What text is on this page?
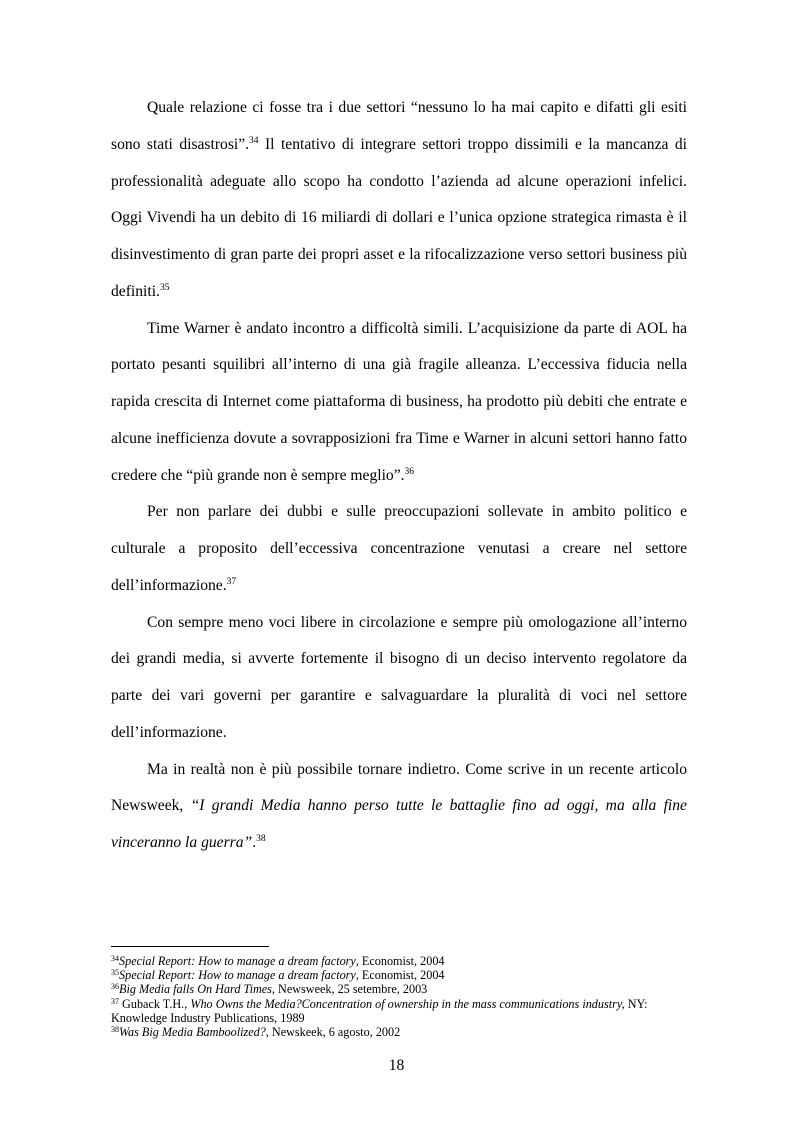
Quale relazione ci fosse tra i due settori “nessuno lo ha mai capito e difatti gli esiti sono stati disastrosi”.$^{34}$ Il tentativo di integrare settori troppo dissimili e la mancanza di professionalità adeguate allo scopo ha condotto l’azienda ad alcune operazioni infelici. Oggi Vivendi ha un debito di 16 miliardi di dollari e l’unica opzione strategica rimasta è il disinvestimento di gran parte dei propri asset e la rifocalizzazione verso settori business più definiti.$^{35}$

Time Warner è andato incontro a difficoltà simili. L’acquisizione da parte di AOL ha portato pesanti squilibri all’interno di una già fragile alleanza. L’eccessiva fiducia nella rapida crescita di Internet come piattaforma di business, ha prodotto più debiti che entrate e alcune inefficienza dovute a sovrapposizioni fra Time e Warner in alcuni settori hanno fatto credere che “più grande non è sempre meglio”.$^{36}$

Per non parlare dei dubbi e sulle preoccupazioni sollevate in ambito politico e culturale a proposito dell’eccessiva concentrazione venutasi a creare nel settore dell’informazione.$^{37}$

Con sempre meno voci libere in circolazione e sempre più omologazione all’interno dei grandi media, si avverte fortemente il bisogno di un deciso intervento regolatore da parte dei vari governi per garantire e salvaguardare la pluralità di voci nel settore dell’informazione.

Ma in realtà non è più possibile tornare indietro. Come scrive in un recente articolo Newsweek, “I grandi Media hanno perso tutte le battaglie fino ad oggi, ma alla fine vinceranno la guerra”.$^{38}$

$^{34}$Special Report: How to manage a dream factory, Economist, 2004
$^{35}$Special Report: How to manage a dream factory, Economist, 2004
$^{36}$Big Media falls On Hard Times, Newsweek, 25 setembre, 2003
$^{37}$ Guback T.H., Who Owns the Media?Concentration of ownership in the mass communications industry, NY: Knowledge Industry Publications, 1989
$^{38}$Was Big Media Bamboolized?, Newskeek, 6 agosto, 2002
18
